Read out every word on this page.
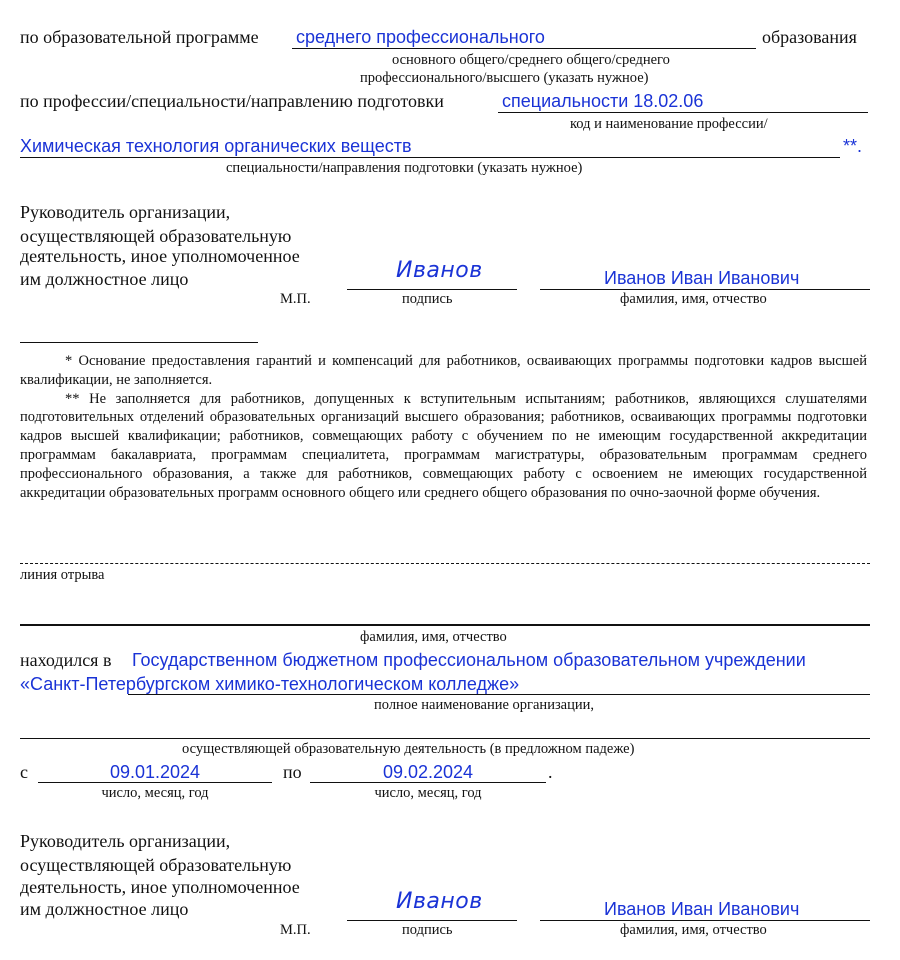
по образовательной программе среднего профессионального	образования
основного общего/среднего общего/среднего
профессионального/высшего (указать нужное)
по профессии/специальности/направлению подготовки	специальности 18.02.06
код и наименование профессии/
Химическая технология органических веществ	**.
специальности/направления подготовки (указать нужное)
Руководитель организации,
осуществляющей образовательную
деятельность, иное уполномоченное
им должностное лицо	Иванов	Иванов Иван Иванович
М.П.	подпись	фамилия, имя, отчество

* Основание предоставления гарантий и компенсаций для работников, осваивающих программы подготовки кадров высшей квалификации, не заполняется.

** Не заполняется для работников, допущенных к вступительным испытаниям; работников, являющихся слушателями подготовительных отделений образовательных организаций высшего образования; работников, осваивающих программы подготовки кадров высшей квалификации; работников, совмещающих работу с обучением по не имеющим государственной аккредитации программам бакалавриата, программам специалитета, программам магистратуры, образовательным программам среднего профессионального образования, а также для работников, совмещающих работу с освоением не имеющих государственной аккредитации образовательных программ основного общего или среднего общего образования по очно-заочной форме обучения.

линия отрыва
фамилия, имя, отчество
находился в Государственном бюджетном профессиональном образовательном учреждении
«Санкт-Петербургском химико-технологическом колледже»
полное наименование организации,
осуществляющей образовательную деятельность (в предложном падеже)
с	09.01.2024	по	09.02.2024	.
число, месяц, год	число, месяц, год
Руководитель организации,
осуществляющей образовательную
деятельность, иное уполномоченное
им должностное лицо	Иванов	Иванов Иван Иванович
М.П.	подпись	фамилия, имя, отчество
